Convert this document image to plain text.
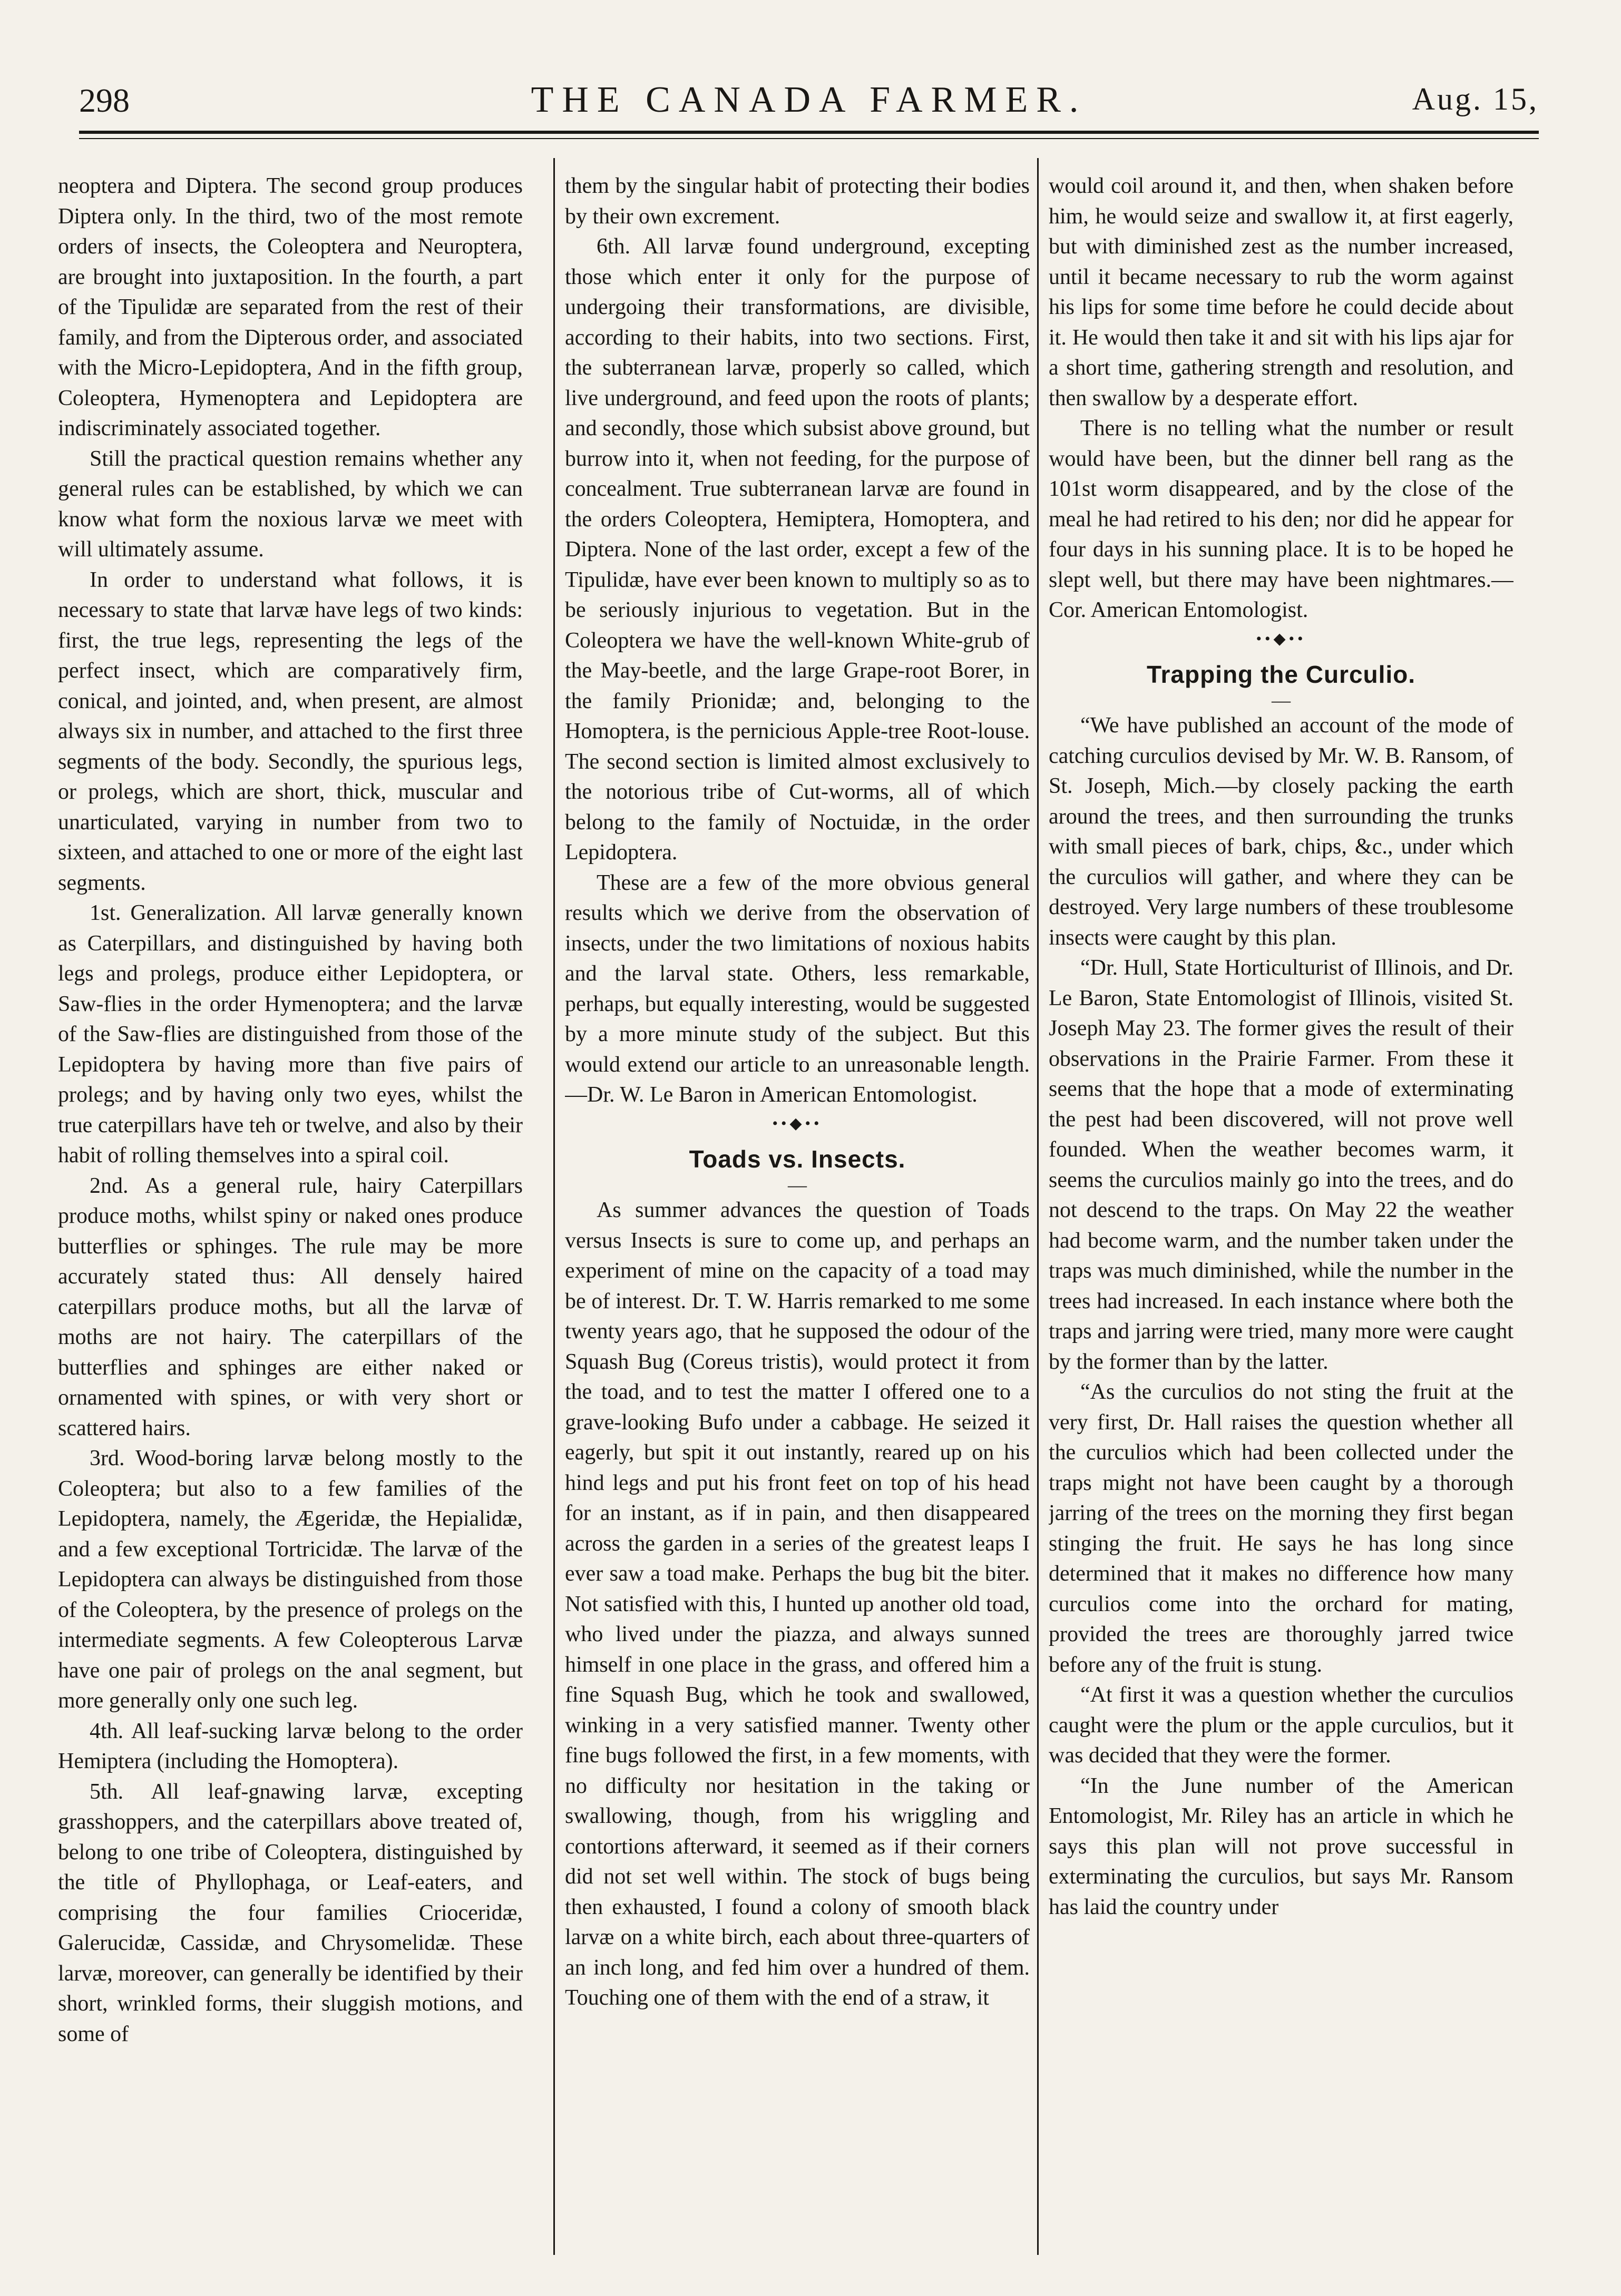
298	THE CANADA FARMER.	Aug. 15,

neoptera and Diptera. The second group produces Diptera only. In the third, two of the most remote orders of insects, the Coleoptera and Neuroptera, are brought into juxtaposition. In the fourth, a part of the Tipulidæ are separated from the rest of their family, and from the Dipterous order, and associated with the Micro-Lepidoptera, And in the fifth group, Coleoptera, Hymenoptera and Lepidoptera are indiscriminately associated together.

Still the practical question remains whether any general rules can be established, by which we can know what form the noxious larvæ we meet with will ultimately assume.

In order to understand what follows, it is necessary to state that larvæ have legs of two kinds: first, the true legs, representing the legs of the perfect insect, which are comparatively firm, conical, and jointed, and, when present, are almost always six in number, and attached to the first three segments of the body. Secondly, the spurious legs, or prolegs, which are short, thick, muscular and unarticulated, varying in number from two to sixteen, and attached to one or more of the eight last segments.

1st. Generalization. All larvæ generally known as Caterpillars, and distinguished by having both legs and prolegs, produce either Lepidoptera, or Saw-flies in the order Hymenoptera; and the larvæ of the Saw-flies are distinguished from those of the Lepidoptera by having more than five pairs of prolegs; and by having only two eyes, whilst the true caterpillars have teh or twelve, and also by their habit of rolling themselves into a spiral coil.

2nd. As a general rule, hairy Caterpillars produce moths, whilst spiny or naked ones produce butterflies or sphinges. The rule may be more accurately stated thus: All densely haired caterpillars produce moths, but all the larvæ of moths are not hairy. The caterpillars of the butterflies and sphinges are either naked or ornamented with spines, or with very short or scattered hairs.

3rd. Wood-boring larvæ belong mostly to the Coleoptera; but also to a few families of the Lepidoptera, namely, the Ægeridæ, the Hepialidæ, and a few exceptional Tortricidæ. The larvæ of the Lepidoptera can always be distinguished from those of the Coleoptera, by the presence of prolegs on the intermediate segments. A few Coleopterous Larvæ have one pair of prolegs on the anal segment, but more generally only one such leg.

4th. All leaf-sucking larvæ belong to the order Hemiptera (including the Homoptera).

5th. All leaf-gnawing larvæ, excepting grasshoppers, and the caterpillars above treated of, belong to one tribe of Coleoptera, distinguished by the title of Phyllophaga, or Leaf-eaters, and comprising the four families Crioceridæ, Galerucidæ, Cassidæ, and Chrysomelidæ. These larvæ, moreover, can generally be identified by their short, wrinkled forms, their sluggish motions, and some of

them by the singular habit of protecting their bodies by their own excrement.

6th. All larvæ found underground, excepting those which enter it only for the purpose of undergoing their transformations, are divisible, according to their habits, into two sections. First, the subterranean larvæ, properly so called, which live underground, and feed upon the roots of plants; and secondly, those which subsist above ground, but burrow into it, when not feeding, for the purpose of concealment. True subterranean larvæ are found in the orders Coleoptera, Hemiptera, Homoptera, and Diptera. None of the last order, except a few of the Tipulidæ, have ever been known to multiply so as to be seriously injurious to vegetation. But in the Coleoptera we have the well-known White-grub of the May-beetle, and the large Grape-root Borer, in the family Prionidæ; and, belonging to the Homoptera, is the pernicious Apple-tree Root-louse. The second section is limited almost exclusively to the notorious tribe of Cut-worms, all of which belong to the family of Noctuidæ, in the order Lepidoptera.

These are a few of the more obvious general results which we derive from the observation of insects, under the two limitations of noxious habits and the larval state. Others, less remarkable, perhaps, but equally interesting, would be suggested by a more minute study of the subject. But this would extend our article to an unreasonable length.—Dr. W. Le Baron in American Entomologist.

••◆••
Toads vs. Insects.
—

As summer advances the question of Toads versus Insects is sure to come up, and perhaps an experiment of mine on the capacity of a toad may be of interest. Dr. T. W. Harris remarked to me some twenty years ago, that he supposed the odour of the Squash Bug (Coreus tristis), would protect it from the toad, and to test the matter I offered one to a grave-looking Bufo under a cabbage. He seized it eagerly, but spit it out instantly, reared up on his hind legs and put his front feet on top of his head for an instant, as if in pain, and then disappeared across the garden in a series of the greatest leaps I ever saw a toad make. Perhaps the bug bit the biter. Not satisfied with this, I hunted up another old toad, who lived under the piazza, and always sunned himself in one place in the grass, and offered him a fine Squash Bug, which he took and swallowed, winking in a very satisfied manner. Twenty other fine bugs followed the first, in a few moments, with no difficulty nor hesitation in the taking or swallowing, though, from his wriggling and contortions afterward, it seemed as if their corners did not set well within. The stock of bugs being then exhausted, I found a colony of smooth black larvæ on a white birch, each about three-quarters of an inch long, and fed him over a hundred of them. Touching one of them with the end of a straw, it

would coil around it, and then, when shaken before him, he would seize and swallow it, at first eagerly, but with diminished zest as the number increased, until it became necessary to rub the worm against his lips for some time before he could decide about it. He would then take it and sit with his lips ajar for a short time, gathering strength and resolution, and then swallow by a desperate effort.

There is no telling what the number or result would have been, but the dinner bell rang as the 101st worm disappeared, and by the close of the meal he had retired to his den; nor did he appear for four days in his sunning place. It is to be hoped he slept well, but there may have been nightmares.—Cor. American Entomologist.

••◆••
Trapping the Curculio.
—

“We have published an account of the mode of catching curculios devised by Mr. W. B. Ransom, of St. Joseph, Mich.—by closely packing the earth around the trees, and then surrounding the trunks with small pieces of bark, chips, &c., under which the curculios will gather, and where they can be destroyed. Very large numbers of these troublesome insects were caught by this plan.

“Dr. Hull, State Horticulturist of Illinois, and Dr. Le Baron, State Entomologist of Illinois, visited St. Joseph May 23. The former gives the result of their observations in the Prairie Farmer. From these it seems that the hope that a mode of exterminating the pest had been discovered, will not prove well founded. When the weather becomes warm, it seems the curculios mainly go into the trees, and do not descend to the traps. On May 22 the weather had become warm, and the number taken under the traps was much diminished, while the number in the trees had increased. In each instance where both the traps and jarring were tried, many more were caught by the former than by the latter.

“As the curculios do not sting the fruit at the very first, Dr. Hall raises the question whether all the curculios which had been collected under the traps might not have been caught by a thorough jarring of the trees on the morning they first began stinging the fruit. He says he has long since determined that it makes no difference how many curculios come into the orchard for mating, provided the trees are thoroughly jarred twice before any of the fruit is stung.

“At first it was a question whether the curculios caught were the plum or the apple curculios, but it was decided that they were the former.

“In the June number of the American Entomologist, Mr. Riley has an article in which he says this plan will not prove successful in exterminating the curculios, but says Mr. Ransom has laid the country under
